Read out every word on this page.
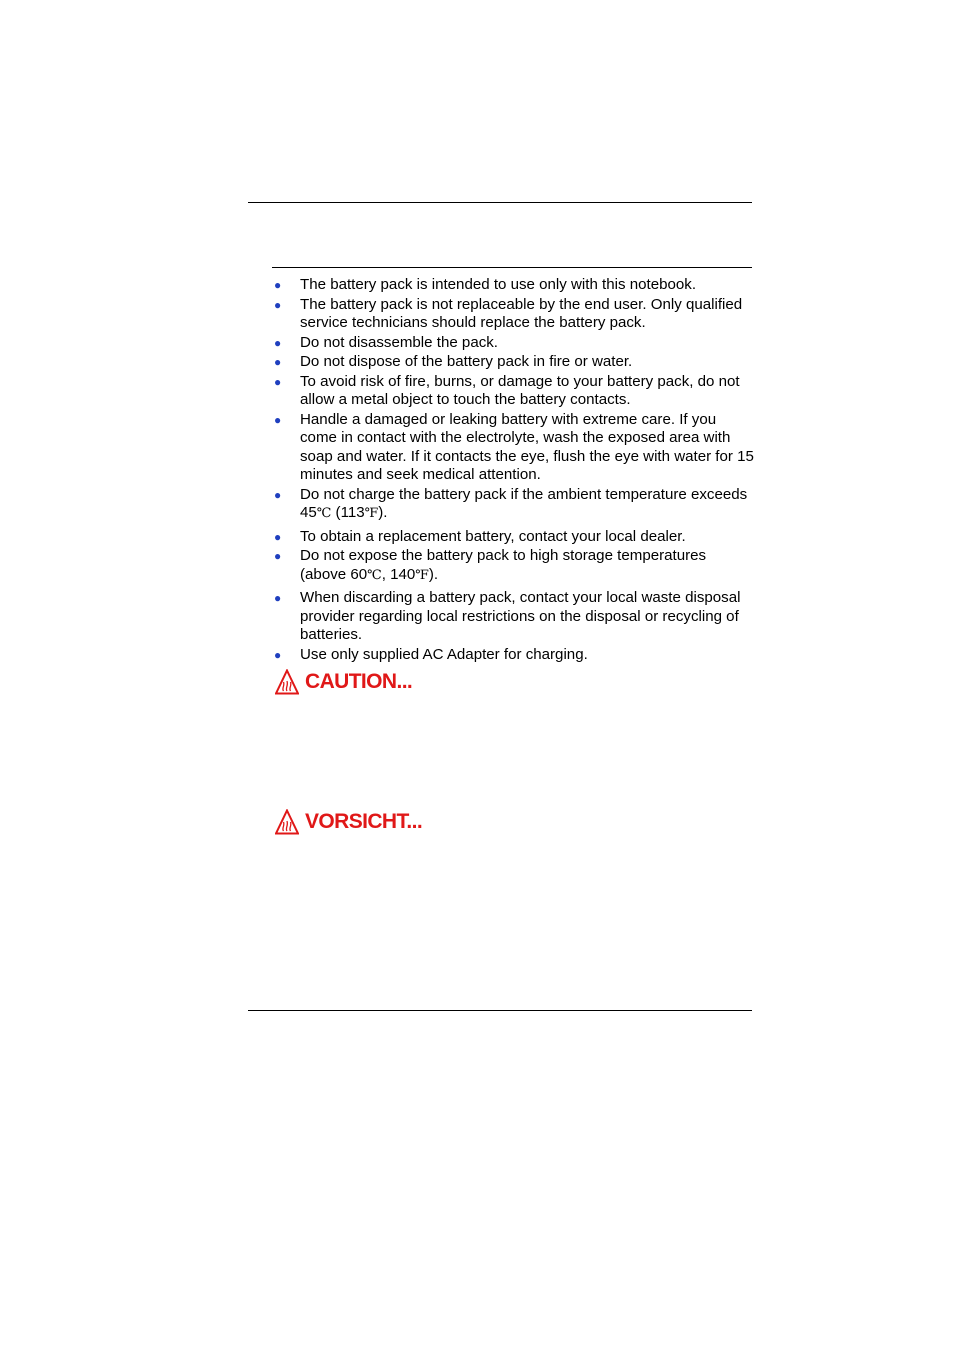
● The battery pack is intended to use only with this notebook.
● The battery pack is not replaceable by the end user. Only qualified service technicians should replace the battery pack.
● Do not disassemble the pack.
● Do not dispose of the battery pack in fire or water.
● To avoid risk of fire, burns, or damage to your battery pack, do not allow a metal object to touch the battery contacts.
● Handle a damaged or leaking battery with extreme care. If you come in contact with the electrolyte, wash the exposed area with soap and water. If it contacts the eye, flush the eye with water for 15 minutes and seek medical attention.
● Do not charge the battery pack if the ambient temperature exceeds 45℃ (113℉).
● To obtain a replacement battery, contact your local dealer.
● Do not expose the battery pack to high storage temperatures (above 60℃, 140℉).
● When discarding a battery pack, contact your local waste disposal provider regarding local restrictions on the disposal or recycling of batteries.
● Use only supplied AC Adapter for charging.
CAUTION...
VORSICHT...
